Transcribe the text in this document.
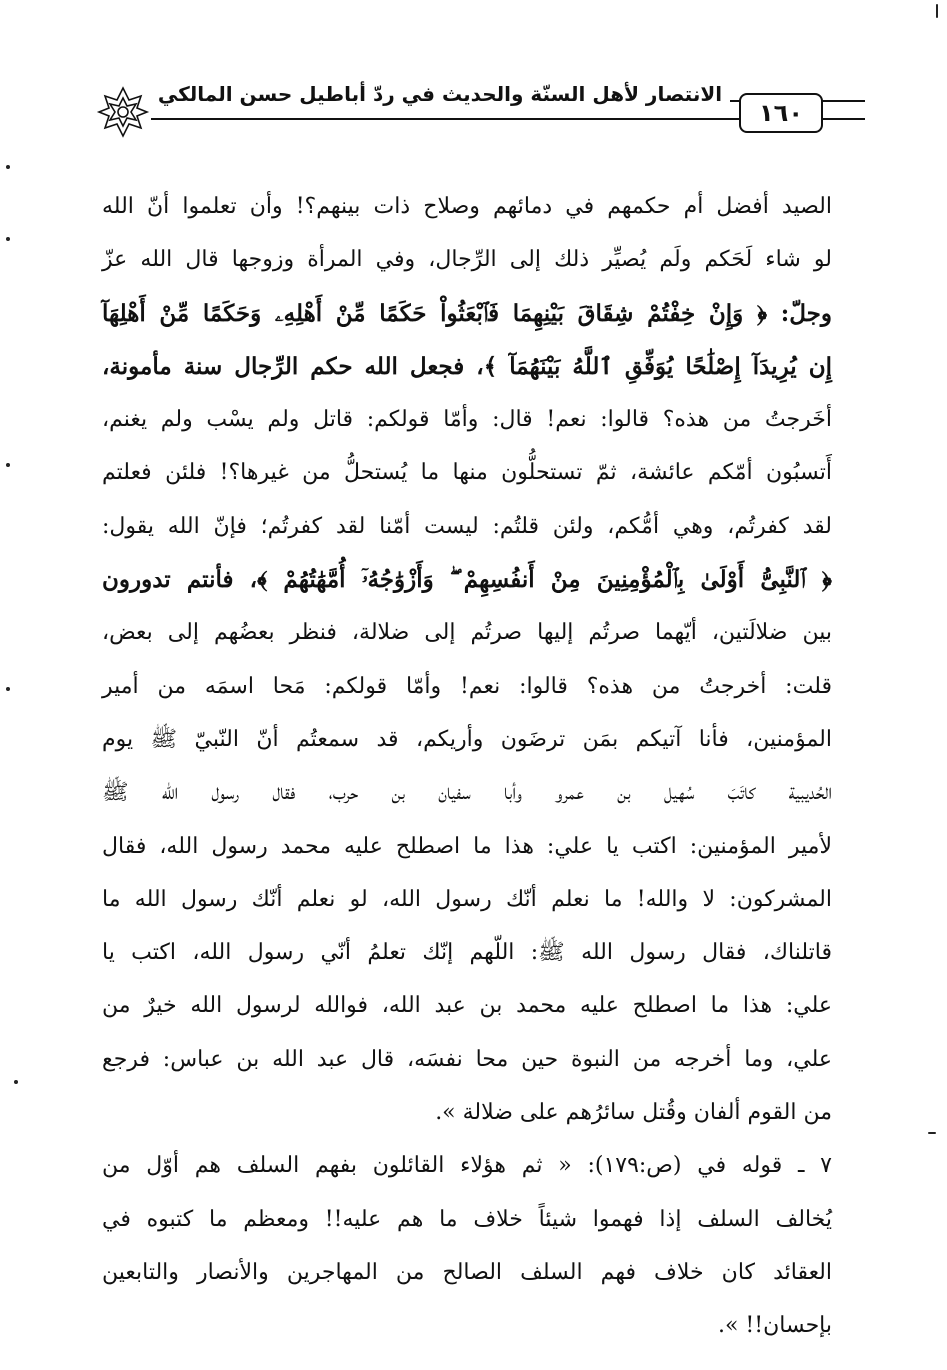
الانتصار لأهل السنّة والحديث في ردّ أباطيل حسن المالكي
١٦٠
الصيد أفضل أم حكمهم في دمائهم وصلاح ذات بينهم؟! وأن تعلموا أنّ الله
لو شاء لَحَكم ولَم يُصيِّر ذلك إلى الرِّجال، وفي المرأة وزوجها قال الله عزّ
وجلّ: ﴿ وَإِنْ خِفْتُمْ شِقَاقَ بَيْنِهِمَا فَٱبْعَثُواْ حَكَمًا مِّنْ أَهْلِهِۦ وَحَكَمًا مِّنْ أَهْلِهَآ
إِن يُرِيدَآ إِصْلَٰحًا يُوَفِّقِ ٱللَّهُ بَيْنَهُمَآ ﴾، فجعل الله حكم الرِّجال سنة مأمونة،
أخَرجتُ من هذه؟ قالوا: نعم! قال: وأمّا قولكم: قاتل ولم يسْب ولم يغنم،
أَتسبُون أمّكم عائشة، ثمّ تستحلُّون منها ما يُستحلُّ من غيرها؟! فلئن فعلتم
لقد كفرتُم، وهي أمُّكم، ولئن قلتُم: ليست أمّنا لقد كفرتُم؛ فإنّ الله يقول:
﴿ ٱلنَّبِىُّ أَوْلَىٰ بِٱلْمُؤْمِنِينَ مِنْ أَنفُسِهِمْ ۖ وَأَزْوَٰجُهُۥٓ أُمَّهَٰتُهُمْ ﴾، فأنتم تدورون
بين ضلالَتين، أيّهما صرتُم إليها صرتُم إلى ضلالة، فنظر بعضُهم إلى بعض،
قلت: أخرجتُ من هذه؟ قالوا: نعم! وأمّا قولكم: مَحا اسمَه من أمير
المؤمنين، فأنا آتيكم بمَن ترضَون وأريكم، قد سمعتُم أنّ النّبيّ ﷺ يوم
الحُديبية كاتَبَ سُهيل بن عمرو وأبا سفيان بن حرب، فقال رسول الله ﷺ
لأمير المؤمنين: اكتب يا علي: هذا ما اصطلح عليه محمد رسول الله، فقال
المشركون: لا والله! ما نعلم أنّك رسول الله، لو نعلم أنّك رسول الله ما
قاتلناك، فقال رسول الله ﷺ: اللّهم إنّك تعلمُ أنّي رسول الله، اكتب يا
علي: هذا ما اصطلح عليه محمد بن عبد الله، فوالله لرسول الله خيرٌ من
علي، وما أخرجه من النبوة حين محا نفسَه، قال عبد الله بن عباس: فرجع
من القوم ألفان وقُتل سائرُهم على ضلالة ».
٧ ـ قوله في (ص:١٧٩): « ثم هؤلاء القائلون بفهم السلف هم أوّل من
يُخالف السلف إذا فهموا شيئاً خلاف ما هم عليه!! ومعظم ما كتبوه في
العقائد كان خلاف فهم السلف الصالح من المهاجرين والأنصار والتابعين
بإحسان!! ».
